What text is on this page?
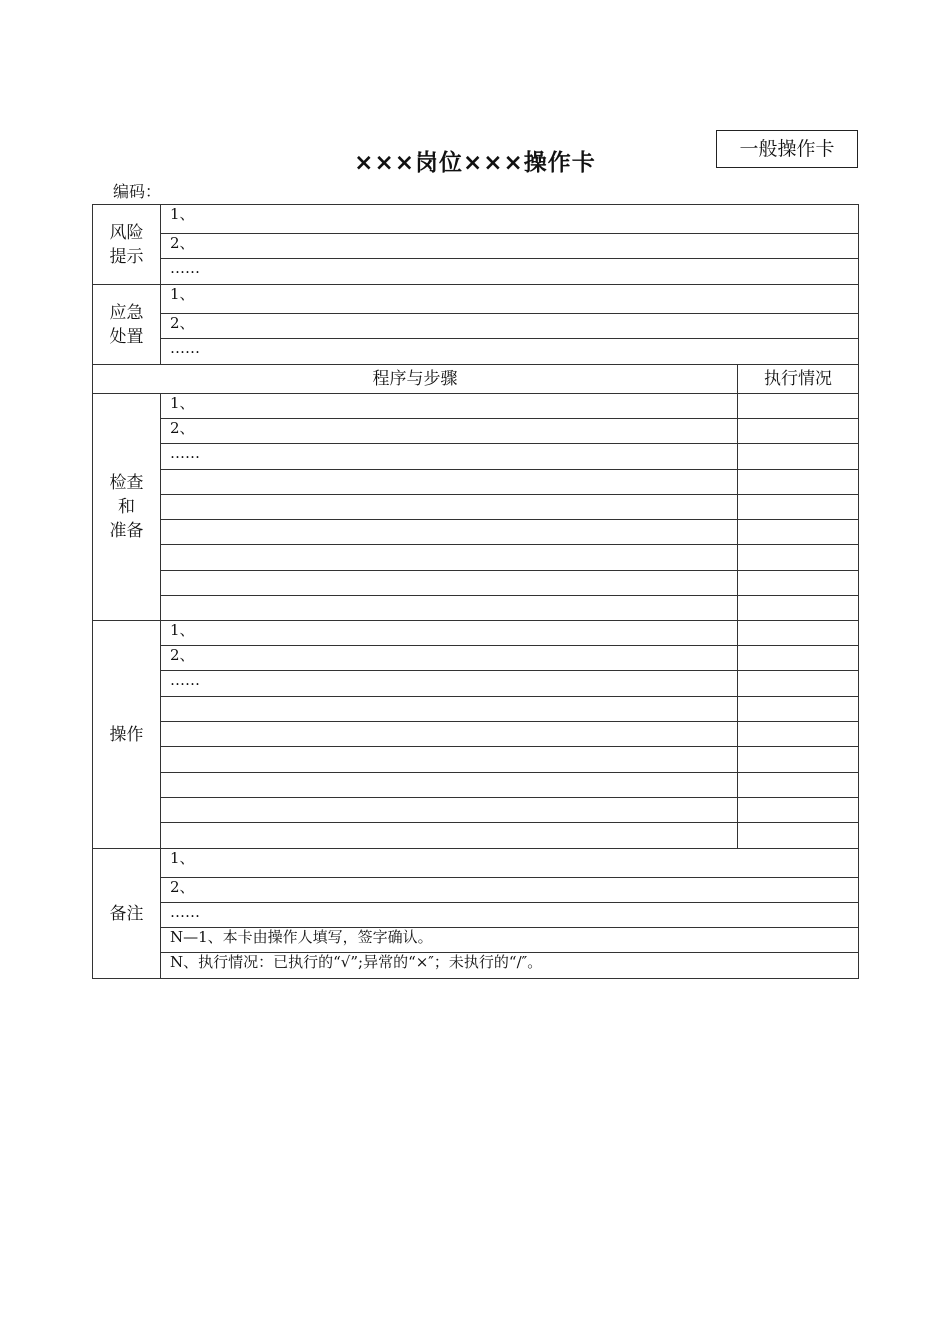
×××岗位×××操作卡
一般操作卡
编码：
风险
提示	1、	
	2、	
	……	

应急
处置	1、	
	2、	
	……	
程序与步骤		执行情况

检查
和
准备	1、	
	2、	
	……	

操作	1、	
	2、	
	……	

备注	1、	
	2、	
	……	
	N—1、本卡由操作人填写，签字确认。	
	N、执行情况：已执行的“√”;异常的“×″；未执行的“/″。	
